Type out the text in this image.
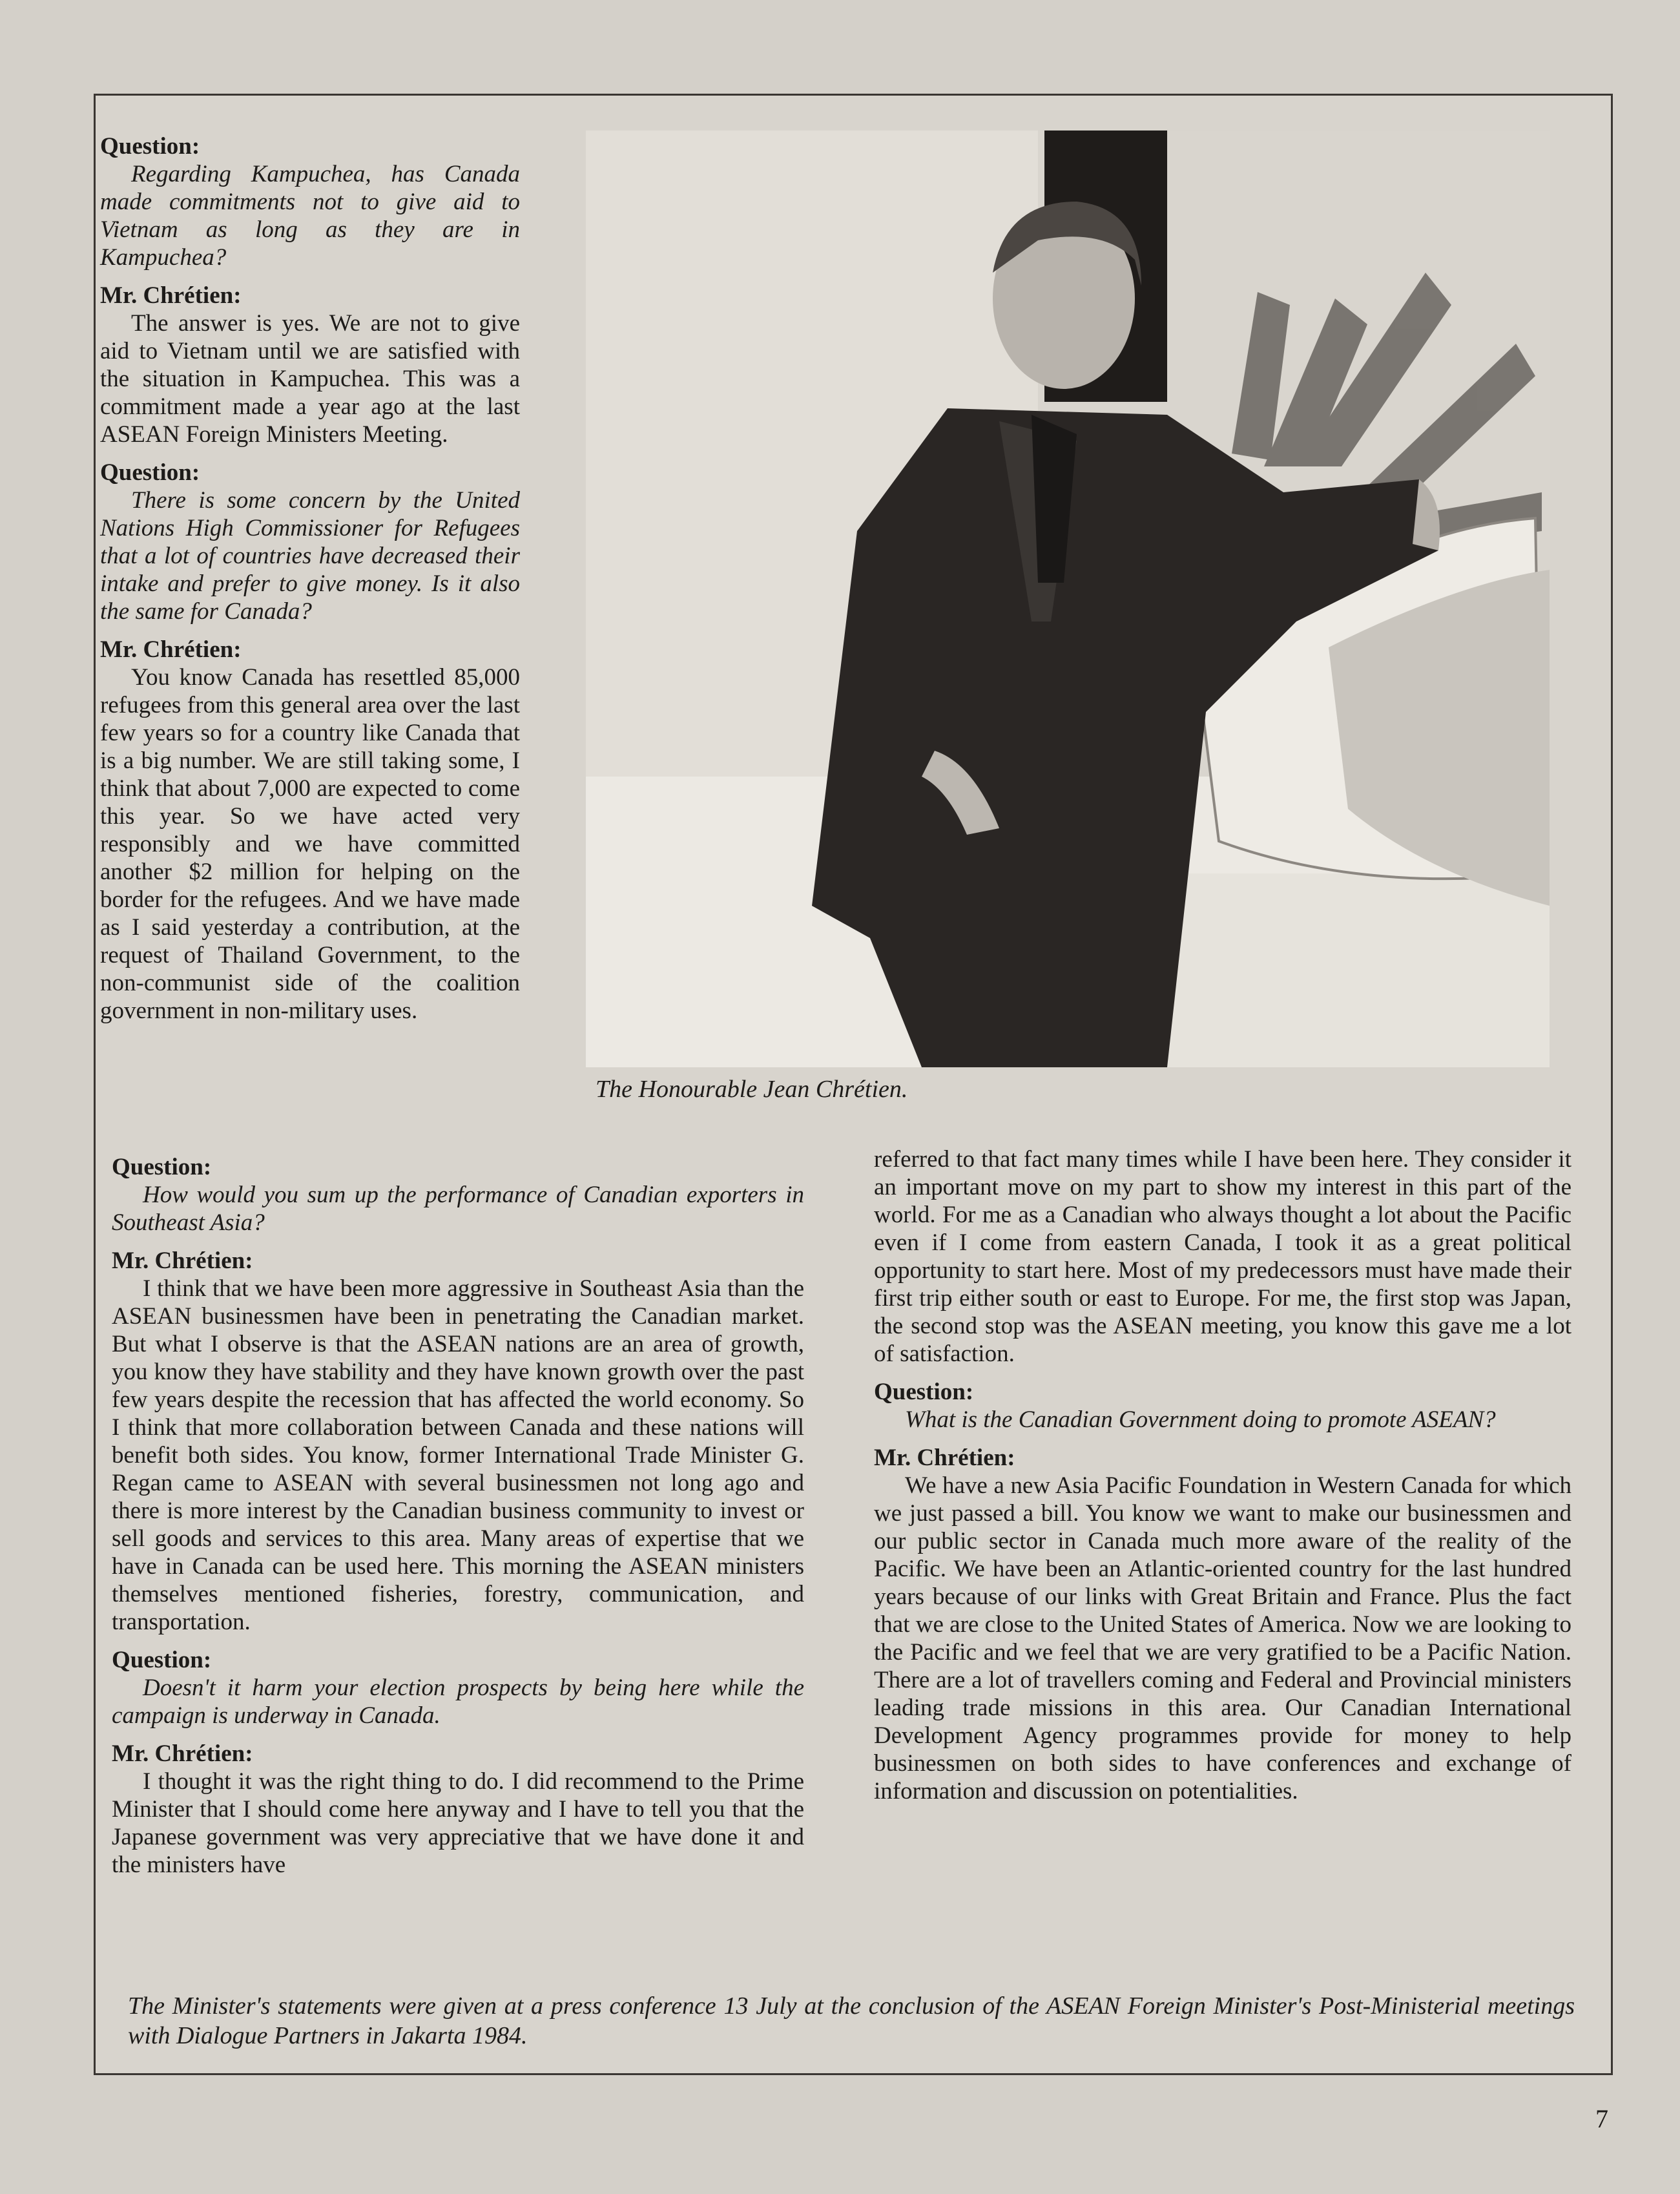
Question:

Regarding Kampuchea, has Canada made commitments not to give aid to Vietnam as long as they are in Kampuchea?

Mr. Chrétien:

The answer is yes. We are not to give aid to Vietnam until we are satisfied with the situation in Kampuchea. This was a commitment made a year ago at the last ASEAN Foreign Ministers Meeting.

Question:

There is some concern by the United Nations High Commissioner for Refugees that a lot of countries have decreased their intake and prefer to give money. Is it also the same for Canada?

Mr. Chrétien:

You know Canada has resettled 85,000 refugees from this general area over the last few years so for a country like Canada that is a big number. We are still taking some, I think that about 7,000 are expected to come this year. So we have acted very responsibly and we have committed another $2 million for helping on the border for the refugees. And we have made as I said yesterday a contribution, at the request of Thailand Government, to the non-communist side of the coalition government in non-military uses.

The Honourable Jean Chrétien.

Question:

How would you sum up the performance of Canadian exporters in Southeast Asia?

Mr. Chrétien:

I think that we have been more aggressive in Southeast Asia than the ASEAN businessmen have been in penetrating the Canadian market. But what I observe is that the ASEAN nations are an area of growth, you know they have stability and they have known growth over the past few years despite the recession that has affected the world economy. So I think that more collaboration between Canada and these nations will benefit both sides. You know, former International Trade Minister G. Regan came to ASEAN with several businessmen not long ago and there is more interest by the Canadian business community to invest or sell goods and services to this area. Many areas of expertise that we have in Canada can be used here. This morning the ASEAN ministers themselves mentioned fisheries, forestry, communication, and transportation.

Question:

Doesn't it harm your election prospects by being here while the campaign is underway in Canada.

Mr. Chrétien:

I thought it was the right thing to do. I did recommend to the Prime Minister that I should come here anyway and I have to tell you that the Japanese government was very appreciative that we have done it and the ministers have

referred to that fact many times while I have been here. They consider it an important move on my part to show my interest in this part of the world. For me as a Canadian who always thought a lot about the Pacific even if I come from eastern Canada, I took it as a great political opportunity to start here. Most of my predecessors must have made their first trip either south or east to Europe. For me, the first stop was Japan, the second stop was the ASEAN meeting, you know this gave me a lot of satisfaction.

Question:

What is the Canadian Government doing to promote ASEAN?

Mr. Chrétien:

We have a new Asia Pacific Foundation in Western Canada for which we just passed a bill. You know we want to make our businessmen and our public sector in Canada much more aware of the reality of the Pacific. We have been an Atlantic-oriented country for the last hundred years because of our links with Great Britain and France. Plus the fact that we are close to the United States of America. Now we are looking to the Pacific and we feel that we are very gratified to be a Pacific Nation. There are a lot of travellers coming and Federal and Provincial ministers leading trade missions in this area. Our Canadian International Development Agency programmes provide for money to help businessmen on both sides to have conferences and exchange of information and discussion on potentialities.

The Minister's statements were given at a press conference 13 July at the conclusion of the ASEAN Foreign Minister's Post-Ministerial meetings with Dialogue Partners in Jakarta 1984.
7
